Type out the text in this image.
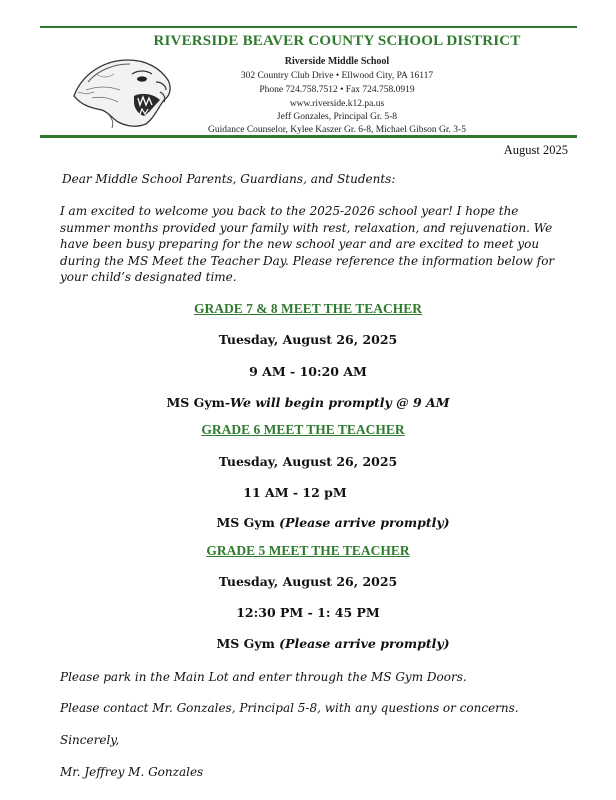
RIVERSIDE BEAVER COUNTY SCHOOL DISTRICT
Riverside Middle School
302 Country Club Drive • Ellwood City, PA 16117
Phone 724.758.7512 • Fax 724.758.0919
www.riverside.k12.pa.us
Jeff Gonzales, Principal Gr. 5-8
Guidance Counselor, Kylee Kaszer Gr. 6-8, Michael Gibson Gr. 3-5
August 2025

Dear Middle School Parents, Guardians, and Students:

I am excited to welcome you back to the 2025-2026 school year! I hope the summer months provided your family with rest, relaxation, and rejuvenation. We have been busy preparing for the new school year and are excited to meet you during the MS Meet the Teacher Day. Please reference the information below for your child’s designated time.

GRADE 7 & 8 MEET THE TEACHER
Tuesday, August 26, 2025
9 AM - 10:20 AM
MS Gym-We will begin promptly @ 9 AM
GRADE 6 MEET THE TEACHER
Tuesday, August 26, 2025
11 AM - 12 pM
MS Gym (Please arrive promptly)
GRADE 5 MEET THE TEACHER
Tuesday, August 26, 2025
12:30 PM - 1: 45 PM
MS Gym (Please arrive promptly)

Please park in the Main Lot and enter through the MS Gym Doors.

Please contact Mr. Gonzales, Principal 5-8, with any questions or concerns.

Sincerely,

Mr. Jeffrey M. Gonzales
